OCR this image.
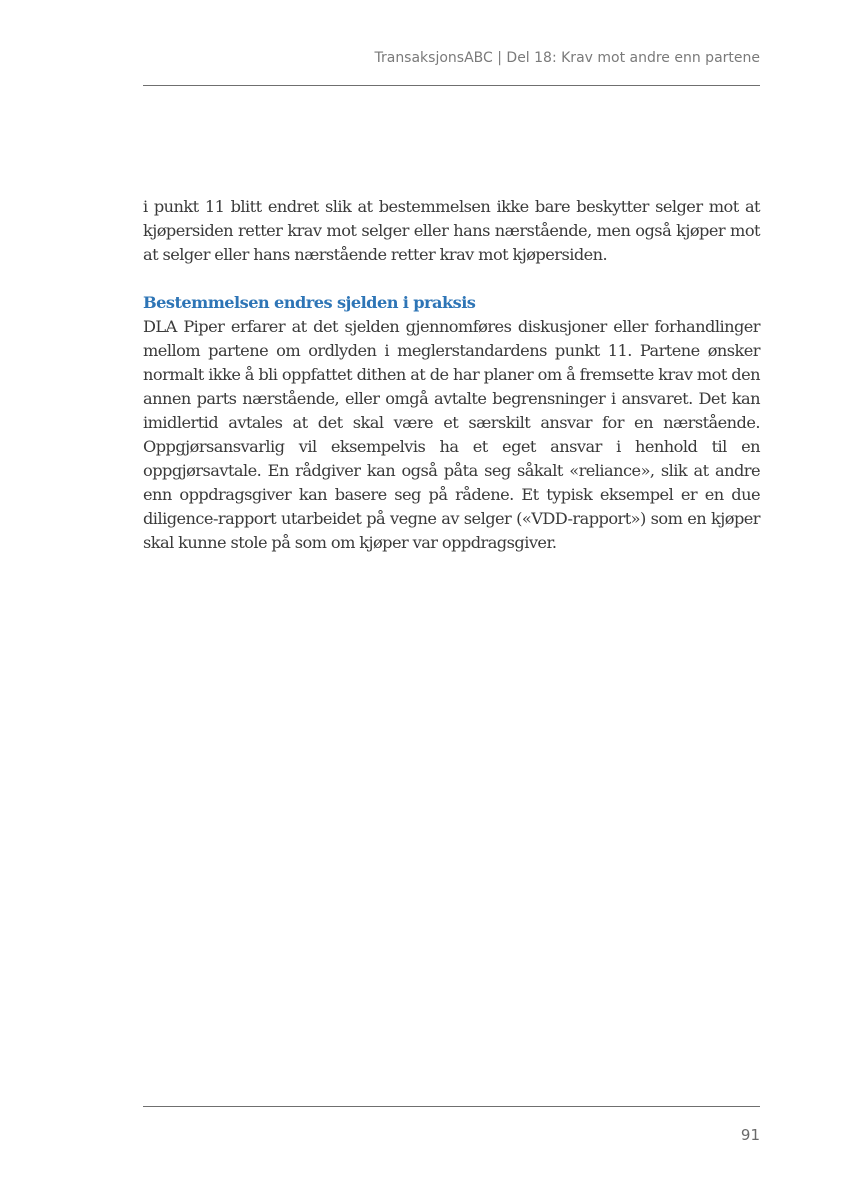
TransaksjonsABC | Del 18: Krav mot andre enn partene

i punkt 11 blitt endret slik at bestemmelsen ikke bare beskytter selger mot at kjøpersiden retter krav mot selger eller hans nærstående, men også kjøper mot at selger eller hans nærstående retter krav mot kjøpersiden.

Bestemmelsen endres sjelden i praksis

DLA Piper erfarer at det sjelden gjennomføres diskusjoner eller forhandlinger mellom partene om ordlyden i meglerstandardens punkt 11. Partene ønsker normalt ikke å bli oppfattet dithen at de har planer om å fremsette krav mot den annen parts nærstående, eller omgå avtalte begrensninger i ansvaret. Det kan imidlertid avtales at det skal være et særskilt ansvar for en nærstående. Oppgjørsansvarlig vil eksempelvis ha et eget ansvar i henhold til en oppgjørsavtale. En rådgiver kan også påta seg såkalt «reliance», slik at andre enn oppdragsgiver kan basere seg på rådene. Et typisk eksempel er en due diligence-rapport utarbeidet på vegne av selger («VDD-rapport») som en kjøper skal kunne stole på som om kjøper var oppdragsgiver.

91
